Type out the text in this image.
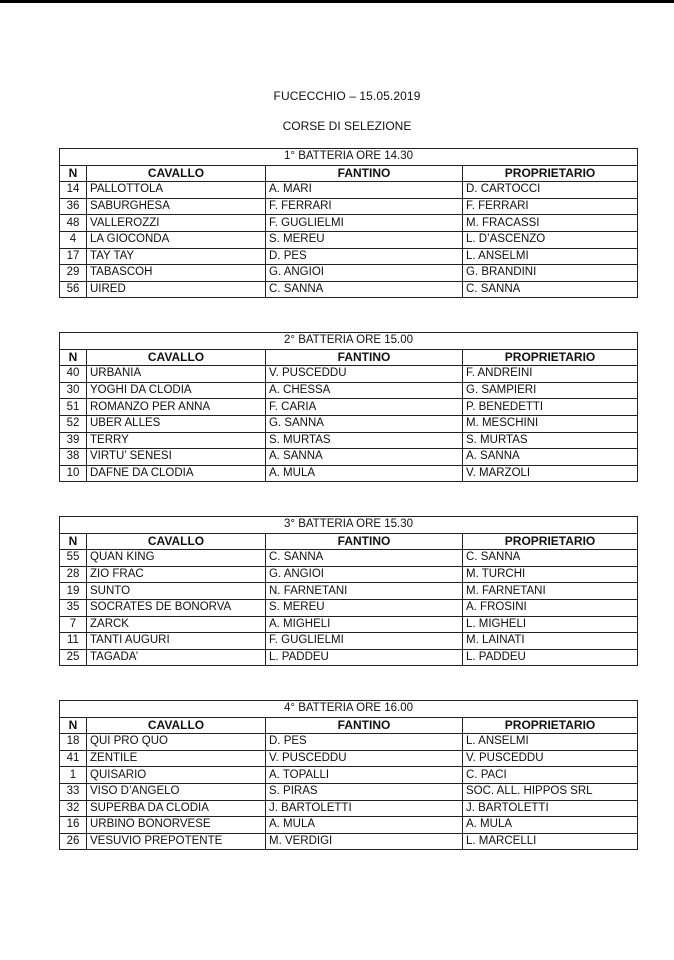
FUCECCHIO – 15.05.2019
CORSE DI SELEZIONE
1° BATTERIA ORE 14.30			
N	CAVALLO	FANTINO	PROPRIETARIO
14	PALLOTTOLA	A. MARI	D. CARTOCCI
36	SABURGHESA	F. FERRARI	F. FERRARI
48	VALLEROZZI	F. GUGLIELMI	M. FRACASSI
4	LA GIOCONDA	S. MEREU	L. D’ASCENZO
17	TAY TAY	D. PES	L. ANSELMI
29	TABASCOH	G. ANGIOI	G. BRANDINI
56	UIRED	C. SANNA	C. SANNA
2° BATTERIA ORE 15.00			
N	CAVALLO	FANTINO	PROPRIETARIO
40	URBANIA	V. PUSCEDDU	F. ANDREINI
30	YOGHI DA CLODIA	A. CHESSA	G. SAMPIERI
51	ROMANZO PER ANNA	F. CARIA	P. BENEDETTI
52	UBER ALLES	G. SANNA	M. MESCHINI
39	TERRY	S. MURTAS	S. MURTAS
38	VIRTU’ SENESI	A. SANNA	A. SANNA
10	DAFNE DA CLODIA	A. MULA	V. MARZOLI
3° BATTERIA ORE 15.30			
N	CAVALLO	FANTINO	PROPRIETARIO
55	QUAN KING	C. SANNA	C. SANNA
28	ZIO FRAC	G. ANGIOI	M. TURCHI
19	SUNTO	N. FARNETANI	M. FARNETANI
35	SOCRATES DE BONORVA	S. MEREU	A. FROSINI
7	ZARCK	A. MIGHELI	L. MIGHELI
11	TANTI AUGURI	F. GUGLIELMI	M. LAINATI
25	TAGADA’	L. PADDEU	L. PADDEU
4° BATTERIA ORE 16.00			
N	CAVALLO	FANTINO	PROPRIETARIO
18	QUI PRO QUO	D. PES	L. ANSELMI
41	ZENTILE	V. PUSCEDDU	V. PUSCEDDU
1	QUISARIO	A. TOPALLI	C. PACI
33	VISO D’ANGELO	S. PIRAS	SOC. ALL. HIPPOS SRL
32	SUPERBA DA CLODIA	J. BARTOLETTI	J. BARTOLETTI
16	URBINO BONORVESE	A. MULA	A. MULA
26	VESUVIO PREPOTENTE	M. VERDIGI	L. MARCELLI
